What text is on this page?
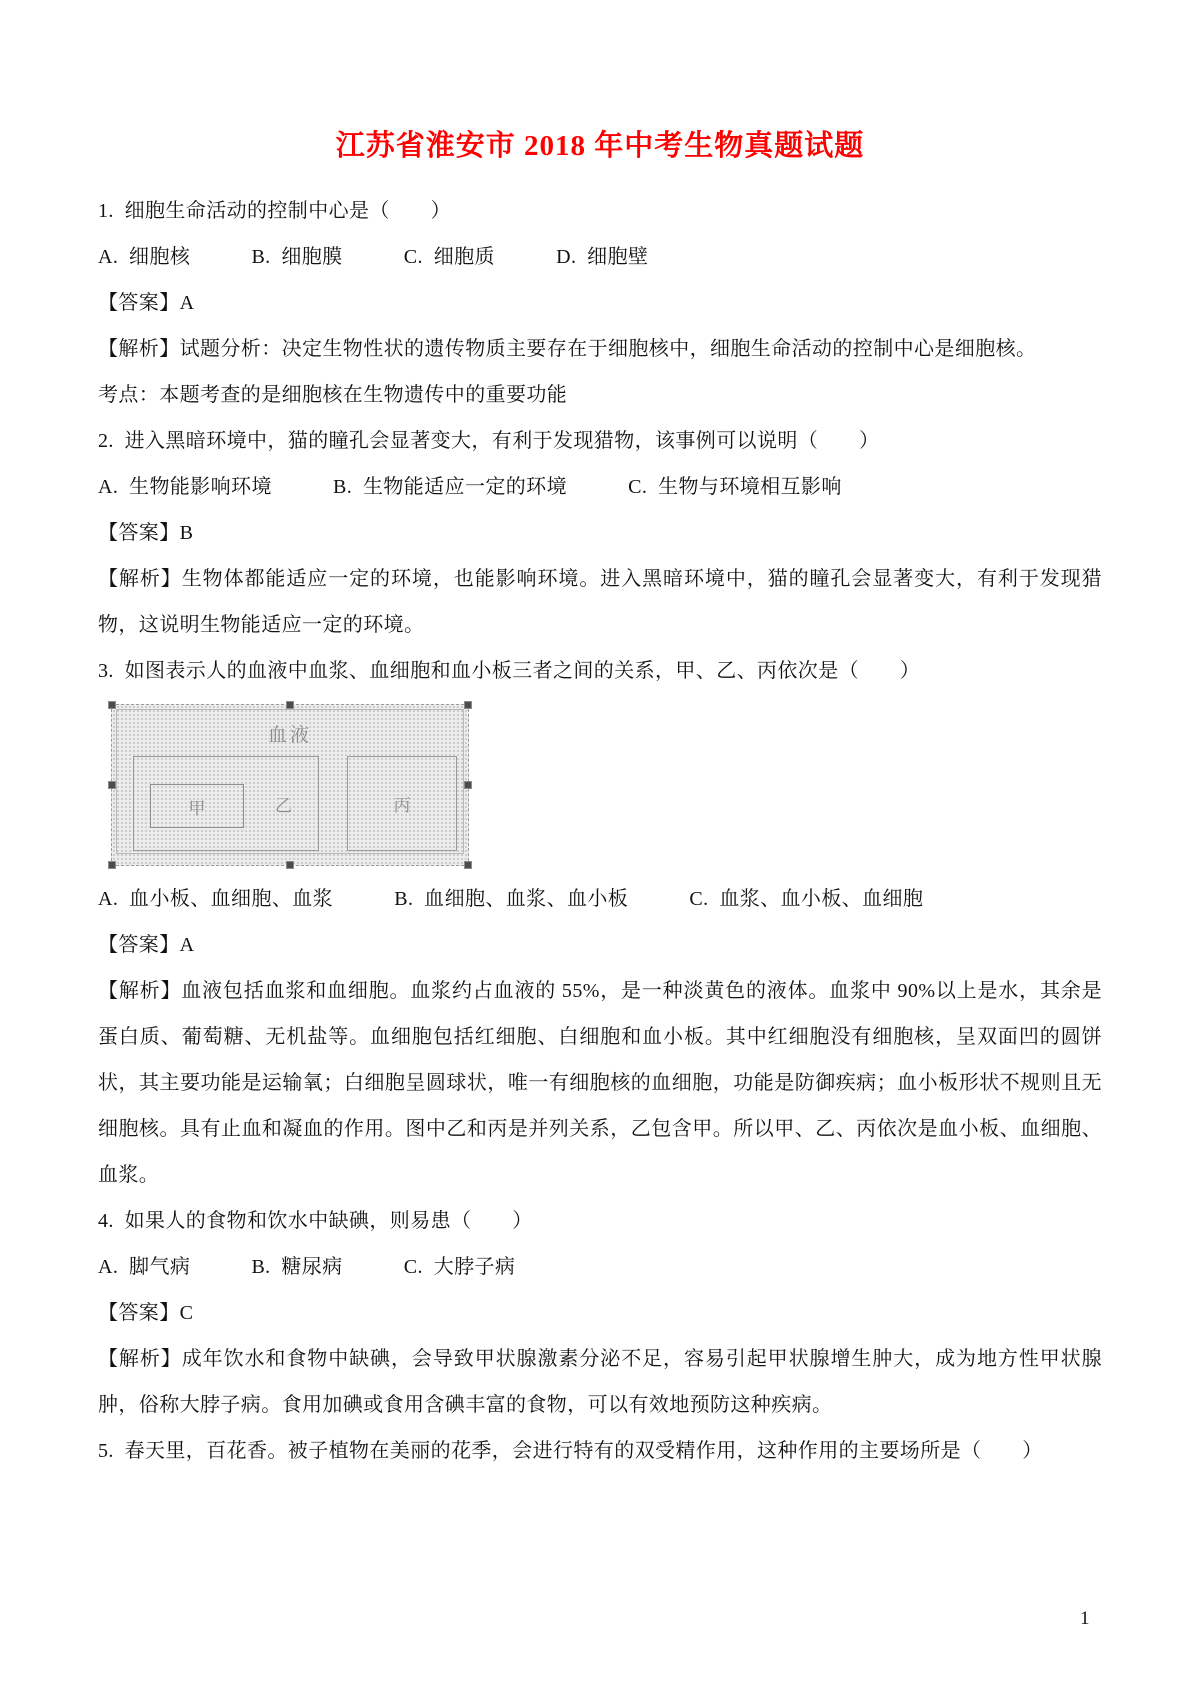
江苏省淮安市 2018 年中考生物真题试题

1.  细胞生命活动的控制中心是（　　）

A.  细胞核　　　B.  细胞膜　　　C.  细胞质　　　D.  细胞壁

【答案】A

【解析】试题分析：决定生物性状的遗传物质主要存在于细胞核中，细胞生命活动的控制中心是细胞核。

考点：本题考查的是细胞核在生物遗传中的重要功能

2.  进入黑暗环境中，猫的瞳孔会显著变大，有利于发现猎物，该事例可以说明（　　）

A.  生物能影响环境　　　B.  生物能适应一定的环境　　　C.  生物与环境相互影响

【答案】B

【解析】生物体都能适应一定的环境，也能影响环境。进入黑暗环境中，猫的瞳孔会显著变大，有利于发现猎物，这说明生物能适应一定的环境。

3.  如图表示人的血液中血浆、血细胞和血小板三者之间的关系，甲、乙、丙依次是（　　）

血液
甲	乙	丙

A.  血小板、血细胞、血浆　　　B.  血细胞、血浆、血小板　　　C.  血浆、血小板、血细胞

【答案】A

【解析】血液包括血浆和血细胞。血浆约占血液的 55%，是一种淡黄色的液体。血浆中 90%以上是水，其余是蛋白质、葡萄糖、无机盐等。血细胞包括红细胞、白细胞和血小板。其中红细胞没有细胞核，呈双面凹的圆饼状，其主要功能是运输氧；白细胞呈圆球状，唯一有细胞核的血细胞，功能是防御疾病；血小板形状不规则且无细胞核。具有止血和凝血的作用。图中乙和丙是并列关系，乙包含甲。所以甲、乙、丙依次是血小板、血细胞、血浆。

4.  如果人的食物和饮水中缺碘，则易患（　　）

A.  脚气病　　　B.  糖尿病　　　C.  大脖子病

【答案】C

【解析】成年饮水和食物中缺碘，会导致甲状腺激素分泌不足，容易引起甲状腺增生肿大，成为地方性甲状腺肿，俗称大脖子病。食用加碘或食用含碘丰富的食物，可以有效地预防这种疾病。

5.  春天里，百花香。被子植物在美丽的花季，会进行特有的双受精作用，这种作用的主要场所是（　　）

1
